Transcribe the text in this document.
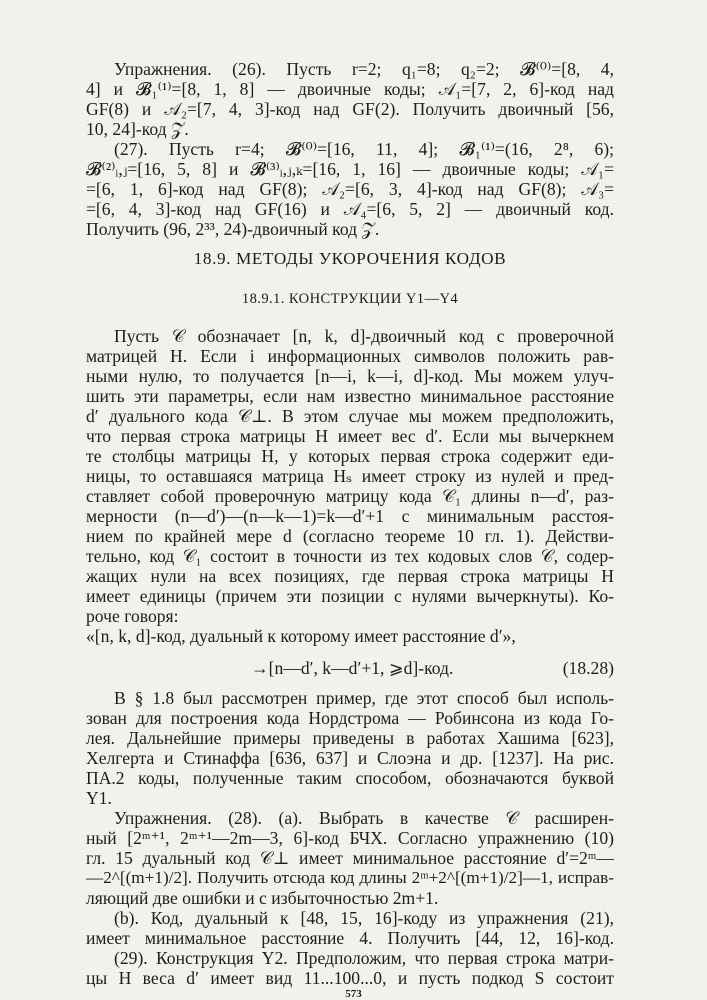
Упражнения. (26). Пусть r=2; q₁=8; q₂=2; 𝓑⁽⁰⁾=[8, 4,
4] и 𝓑₁⁽¹⁾=[8, 1, 8] — двоичные коды; 𝒜₁=[7, 2, 6]-код над
GF(8) и 𝒜₂=[7, 4, 3]-код над GF(2). Получить двоичный [56,
10, 24]-код 𝒵.
(27). Пусть r=4; 𝓑⁽⁰⁾=[16, 11, 4]; 𝓑₁⁽¹⁾=(16, 2⁸, 6);
𝓑⁽²⁾ᵢ,ⱼ=[16, 5, 8] и 𝓑⁽³⁾ᵢ,ⱼ,ₖ=[16, 1, 16] — двоичные коды; 𝒜₁=
=[6, 1, 6]-код над GF(8); 𝒜₂=[6, 3, 4]-код над GF(8); 𝒜₃=
=[6, 4, 3]-код над GF(16) и 𝒜₄=[6, 5, 2] — двоичный код.
Получить (96, 2³³, 24)-двоичный код 𝒵.
18.9. МЕТОДЫ УКОРОЧЕНИЯ КОДОВ
18.9.1. КОНСТРУКЦИИ Y1—Y4
Пусть 𝒞 обозначает [n, k, d]-двоичный код с проверочной
матрицей H. Если i информационных символов положить рав-
ными нулю, то получается [n—i, k—i, d]-код. Мы можем улуч-
шить эти параметры, если нам известно минимальное расстояние
d′ дуального кода 𝒞⊥. В этом случае мы можем предположить,
что первая строка матрицы H имеет вес d′. Если мы вычеркнем
те столбцы матрицы H, у которых первая строка содержит еди-
ницы, то оставшаяся матрица Hₛ имеет строку из нулей и пред-
ставляет собой проверочную матрицу кода 𝒞₁ длины n—d′, раз-
мерности (n—d′)—(n—k—1)=k—d′+1 с минимальным расстоя-
нием по крайней мере d (согласно теореме 10 гл. 1). Действи-
тельно, код 𝒞₁ состоит в точности из тех кодовых слов 𝒞, содер-
жащих нули на всех позициях, где первая строка матрицы H
имеет единицы (причем эти позиции с нулями вычеркнуты). Ко-
роче говоря:
«[n, k, d]-код, дуальный к которому имеет расстояние d′»,
→[n—d′, k—d′+1, ⩾d]-код.	(18.28)
В § 1.8 был рассмотрен пример, где этот способ был исполь-
зован для построения кода Нордстрома — Робинсона из кода Го-
лея. Дальнейшие примеры приведены в работах Хашима [623],
Хелгерта и Стинаффа [636, 637] и Слоэна и др. [1237]. На рис.
ПА.2 коды, полученные таким способом, обозначаются буквой
Y1.
Упражнения. (28). (a). Выбрать в качестве 𝒞 расширен-
ный [2ᵐ⁺¹, 2ᵐ⁺¹—2m—3, 6]-код БЧХ. Согласно упражнению (10)
гл. 15 дуальный код 𝒞⊥ имеет минимальное расстояние d′=2ᵐ—
—2^[(m+1)/2]. Получить отсюда код длины 2ᵐ+2^[(m+1)/2]—1, исправ-
ляющий две ошибки и с избыточностью 2m+1.
(b). Код, дуальный к [48, 15, 16]-коду из упражнения (21),
имеет минимальное расстояние 4. Получить [44, 12, 16]-код.
(29). Конструкция Y2. Предположим, что первая строка матри-
цы H веса d′ имеет вид 11...100...0, и пусть подкод S состоит
573
